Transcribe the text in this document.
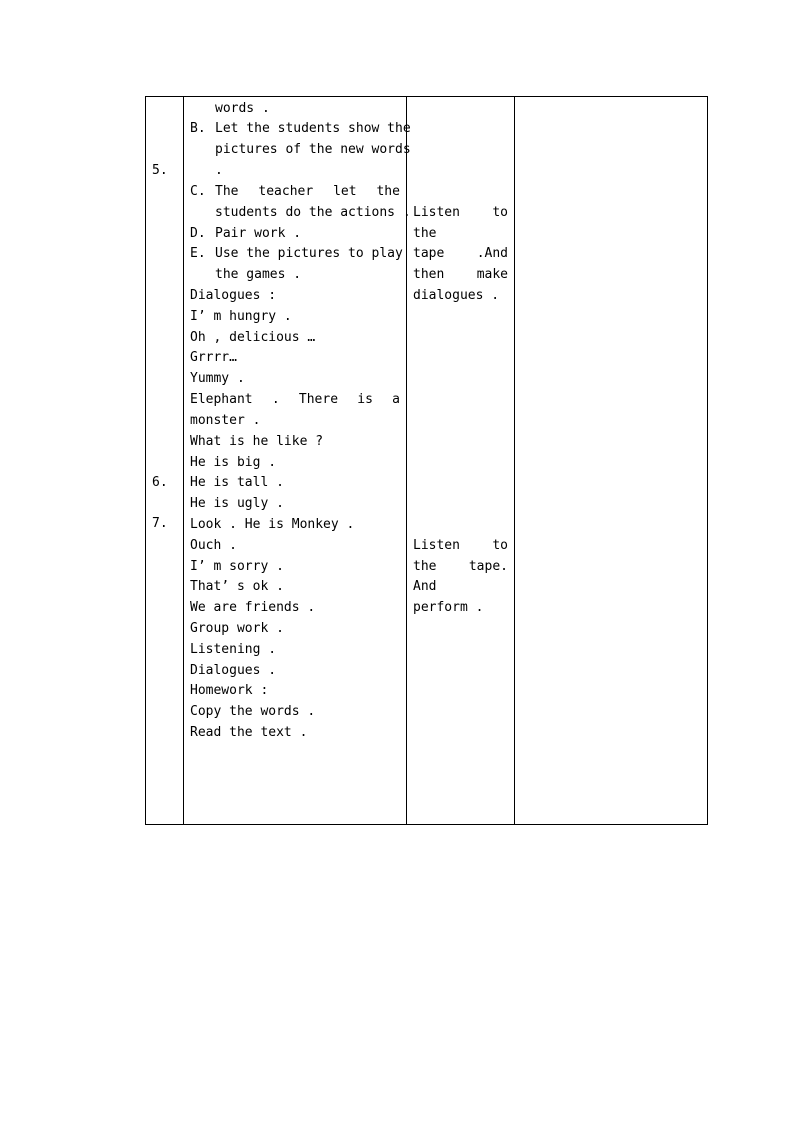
5.
6.
7.
words .
B. Let the students show the
pictures of the new words
.
C. The teacher let the
students do the actions .
D. Pair work .
E. Use the pictures to play
the games .
Dialogues :
I’ m hungry .
Oh , delicious …
Grrrr…
Yummy .
Elephant . There is a
monster .
What is he like ?
He is big .
He is tall .
He is ugly .
Look . He is Monkey .
Ouch .
I’ m sorry .
That’ s ok .
We are friends .
Group work .
Listening .
Dialogues .
Homework :
Copy the words .
Read the text .
Listen to
the
tape .And
then make
dialogues .
Listen to
the tape.
And
perform .
